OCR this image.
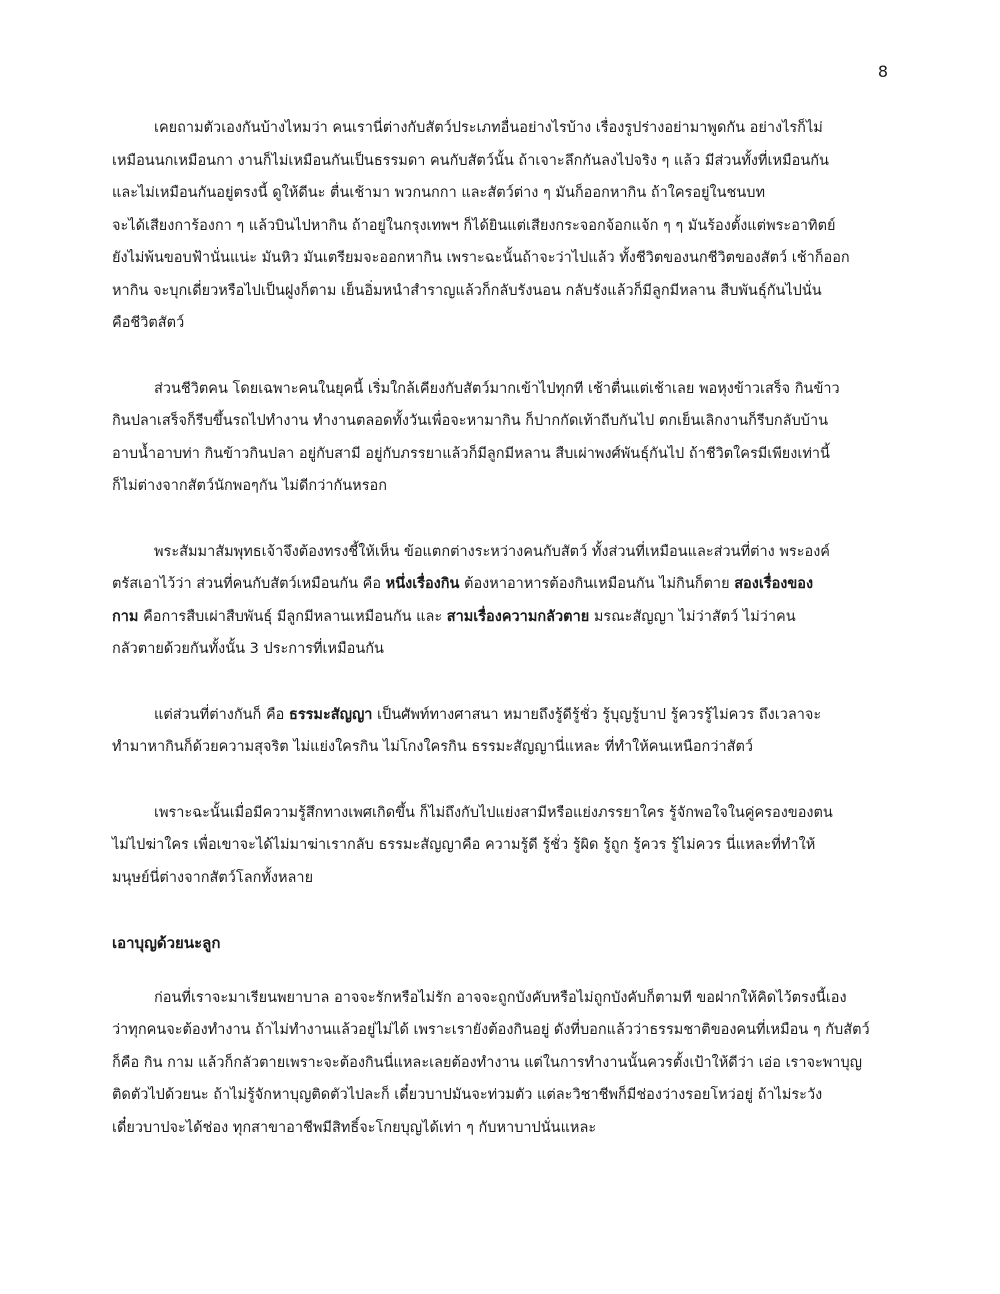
8
เคยถามตัวเองกันบ้างไหมว่า คนเรานี่ต่างกับสัตว์ประเภทอื่นอย่างไรบ้าง เรื่องรูปร่างอย่ามาพูดกัน อย่างไรก็ไม่
เหมือนนกเหมือนกา งานก็ไม่เหมือนกันเป็นธรรมดา คนกับสัตว์นั้น ถ้าเจาะลึกกันลงไปจริง ๆ แล้ว มีส่วนทั้งที่เหมือนกัน
และไม่เหมือนกันอยู่ตรงนี้ ดูให้ดีนะ ตื่นเช้ามา พวกนกกา และสัตว์ต่าง ๆ มันก็ออกหากิน ถ้าใครอยู่ในชนบท
จะได้เสียงการ้องกา ๆ แล้วบินไปหากิน ถ้าอยู่ในกรุงเทพฯ ก็ได้ยินแต่เสียงกระจอกจ้อกแจ้ก ๆ ๆ มันร้องตั้งแต่พระอาทิตย์
ยังไม่พ้นขอบฟ้านั่นแน่ะ มันหิว มันเตรียมจะออกหากิน เพราะฉะนั้นถ้าจะว่าไปแล้ว ทั้งชีวิตของนกชีวิตของสัตว์ เช้าก็ออก
หากิน จะบุกเดี่ยวหรือไปเป็นฝูงก็ตาม เย็นอิ่มหนำสำราญแล้วก็กลับรังนอน กลับรังแล้วก็มีลูกมีหลาน สืบพันธุ์กันไปนั่น
คือชีวิตสัตว์
ส่วนชีวิตคน โดยเฉพาะคนในยุคนี้ เริ่มใกล้เคียงกับสัตว์มากเข้าไปทุกที เช้าตื่นแต่เช้าเลย พอหุงข้าวเสร็จ กินข้าว
กินปลาเสร็จก็รีบขึ้นรถไปทำงาน ทำงานตลอดทั้งวันเพื่อจะหามากิน ก็ปากกัดเท้าถีบกันไป ตกเย็นเลิกงานก็รีบกลับบ้าน
อาบน้ำอาบท่า กินข้าวกินปลา อยู่กับสามี อยู่กับภรรยาแล้วก็มีลูกมีหลาน สืบเผ่าพงศ์พันธุ์กันไป ถ้าชีวิตใครมีเพียงเท่านี้
ก็ไม่ต่างจากสัตว์นักพอๆกัน ไม่ดีกว่ากันหรอก
พระสัมมาสัมพุทธเจ้าจึงต้องทรงชี้ให้เห็น ข้อแตกต่างระหว่างคนกับสัตว์ ทั้งส่วนที่เหมือนและส่วนที่ต่าง พระองค์
ตรัสเอาไว้ว่า ส่วนที่คนกับสัตว์เหมือนกัน คือ หนึ่งเรื่องกิน ต้องหาอาหารต้องกินเหมือนกัน ไม่กินก็ตาย สองเรื่องของ
กาม คือการสืบเผ่าสืบพันธุ์ มีลูกมีหลานเหมือนกัน และ สามเรื่องความกลัวตาย มรณะสัญญา ไม่ว่าสัตว์ ไม่ว่าคน
กลัวตายด้วยกันทั้งนั้น 3 ประการที่เหมือนกัน
แต่ส่วนที่ต่างกันก็ คือ ธรรมะสัญญา เป็นศัพท์ทางศาสนา หมายถึงรู้ดีรู้ชั่ว รู้บุญรู้บาป รู้ควรรู้ไม่ควร ถึงเวลาจะ
ทำมาหากินก็ด้วยความสุจริต ไม่แย่งใครกิน ไม่โกงใครกิน ธรรมะสัญญานี่แหละ ที่ทำให้คนเหนือกว่าสัตว์
เพราะฉะนั้นเมื่อมีความรู้สึกทางเพศเกิดขึ้น ก็ไม่ถึงกับไปแย่งสามีหรือแย่งภรรยาใคร รู้จักพอใจในคู่ครองของตน
ไม่ไปฆ่าใคร เพื่อเขาจะได้ไม่มาฆ่าเรากลับ ธรรมะสัญญาคือ ความรู้ดี รู้ชั่ว รู้ผิด รู้ถูก รู้ควร รู้ไม่ควร นี่แหละที่ทำให้
มนุษย์นี่ต่างจากสัตว์โลกทั้งหลาย
เอาบุญด้วยนะลูก
ก่อนที่เราจะมาเรียนพยาบาล อาจจะรักหรือไม่รัก อาจจะถูกบังคับหรือไม่ถูกบังคับก็ตามที ขอฝากให้คิดไว้ตรงนี้เอง
ว่าทุกคนจะต้องทำงาน ถ้าไม่ทำงานแล้วอยู่ไม่ได้ เพราะเรายังต้องกินอยู่ ดังที่บอกแล้วว่าธรรมชาติของคนที่เหมือน ๆ กับสัตว์
ก็คือ กิน กาม แล้วก็กลัวตายเพราะจะต้องกินนี่แหละเลยต้องทำงาน แต่ในการทำงานนั้นควรตั้งเป้าให้ดีว่า เอ่อ เราจะพาบุญ
ติดตัวไปด้วยนะ ถ้าไม่รู้จักหาบุญติดตัวไปละก็ เดี๋ยวบาปมันจะท่วมตัว แต่ละวิชาชีพก็มีช่องว่างรอยโหว่อยู่ ถ้าไม่ระวัง
เดี๋ยวบาปจะได้ช่อง ทุกสาขาอาชีพมีสิทธิ์จะโกยบุญได้เท่า ๆ กับหาบาปนั่นแหละ
